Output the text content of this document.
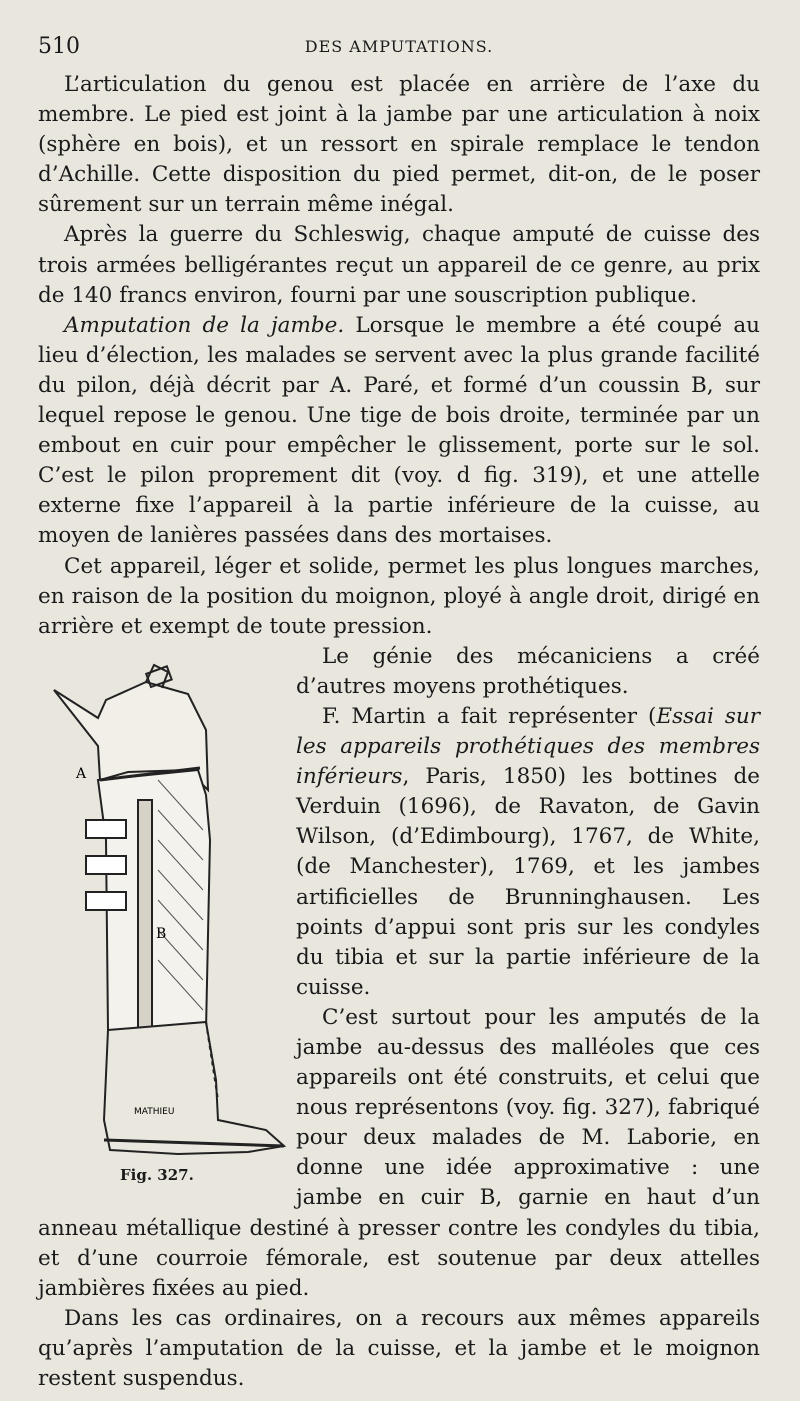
510	DES AMPUTATIONS.

L’articulation du genou est placée en arrière de l’axe du membre. Le pied est joint à la jambe par une articulation à noix (sphère en bois), et un ressort en spirale remplace le tendon d’Achille. Cette disposition du pied permet, dit-on, de le poser sûrement sur un terrain même inégal.

Après la guerre du Schleswig, chaque amputé de cuisse des trois armées belligérantes reçut un appareil de ce genre, au prix de 140 francs environ, fourni par une souscription publique.

Amputation de la jambe. Lorsque le membre a été coupé au lieu d’élection, les malades se servent avec la plus grande facilité du pilon, déjà décrit par A. Paré, et formé d’un coussin B, sur lequel repose le genou. Une tige de bois droite, terminée par un embout en cuir pour empêcher le glissement, porte sur le sol. C’est le pilon proprement dit (voy. d fig. 319), et une attelle externe fixe l’appareil à la partie inférieure de la cuisse, au moyen de lanières passées dans des mortaises.

Cet appareil, léger et solide, permet les plus longues marches, en raison de la position du moignon, ployé à angle droit, dirigé en arrière et exempt de toute pression.

A
B
MATHIEU
Fig. 327.

Le génie des mécaniciens a créé d’autres moyens prothétiques.

F. Martin a fait représenter (Essai sur les appareils prothétiques des membres inférieurs, Paris, 1850) les bottines de Verduin (1696), de Ravaton, de Gavin Wilson, (d’Edimbourg), 1767, de White, (de Manchester), 1769, et les jambes artificielles de Brunninghausen. Les points d’appui sont pris sur les condyles du tibia et sur la partie inférieure de la cuisse.

C’est surtout pour les amputés de la jambe au-dessus des malléoles que ces appareils ont été construits, et celui que nous représentons (voy. fig. 327), fabriqué pour deux malades de M. Laborie, en donne une idée approximative : une jambe en cuir B, garnie en haut d’un anneau métallique destiné à presser contre les condyles du tibia, et d’une courroie fémorale, est soutenue par deux attelles jambières fixées au pied.

Dans les cas ordinaires, on a recours aux mêmes appareils qu’après l’amputation de la cuisse, et la jambe et le moignon restent suspendus.
